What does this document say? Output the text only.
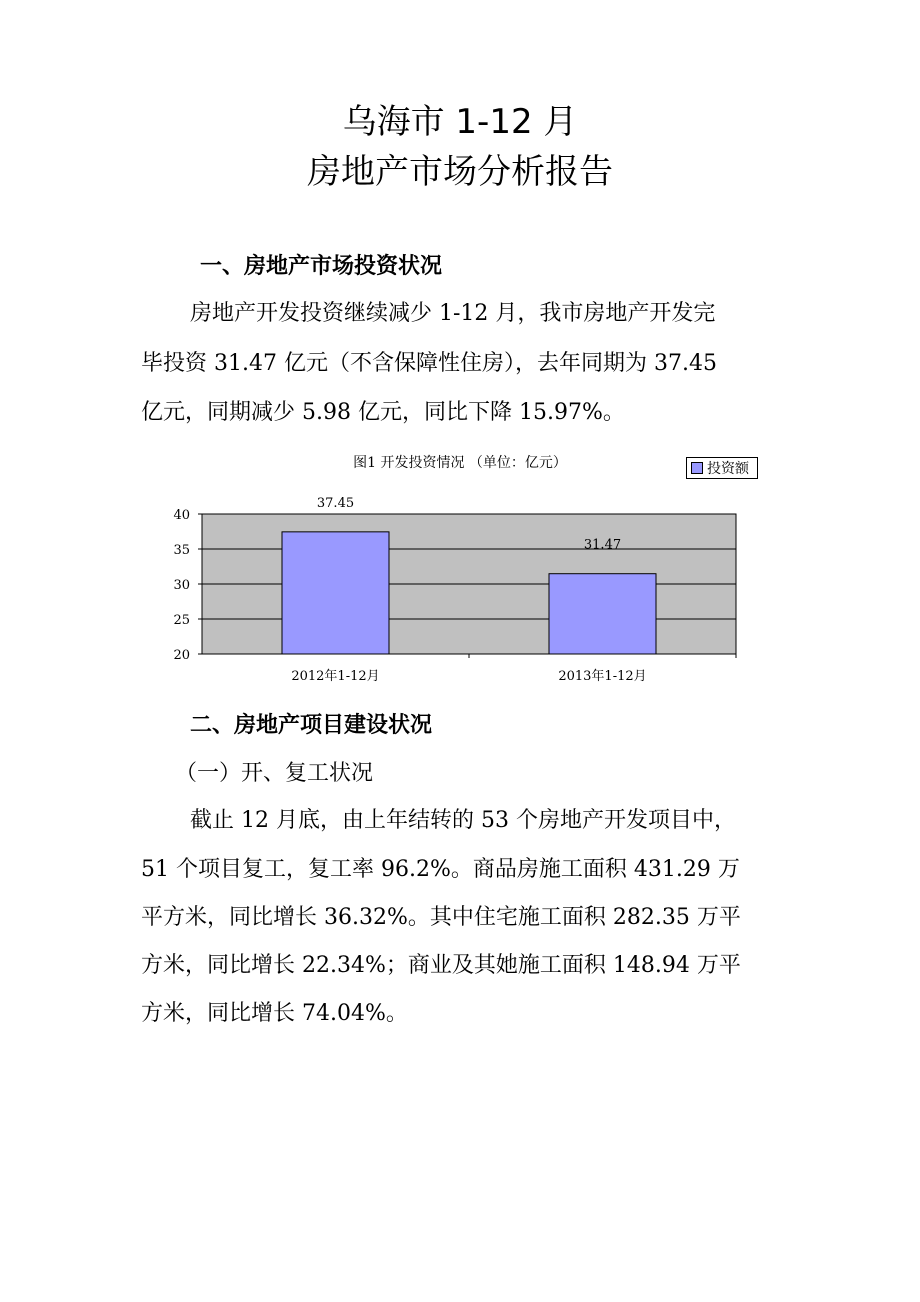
乌海市 1-12 月
房地产市场分析报告
一、房地产市场投资状况
房地产开发投资继续减少 1-12 月，我市房地产开发完
毕投资 31.47 亿元（不含保障性住房），去年同期为 37.45
亿元，同期减少 5.98 亿元，同比下降 15.97%。
图1 开发投资情况 （单位：亿元）	投资额
20
25
30
35
40
37.45
2012年1-12月
31.47
2013年1-12月
二、房地产项目建设状况
（一）开、复工状况
截止 12 月底，由上年结转的 53 个房地产开发项目中，
51 个项目复工，复工率 96.2%。商品房施工面积 431.29 万
平方米，同比增长 36.32%。其中住宅施工面积 282.35 万平
方米，同比增长 22.34%；商业及其她施工面积 148.94 万平
方米，同比增长 74.04%。
